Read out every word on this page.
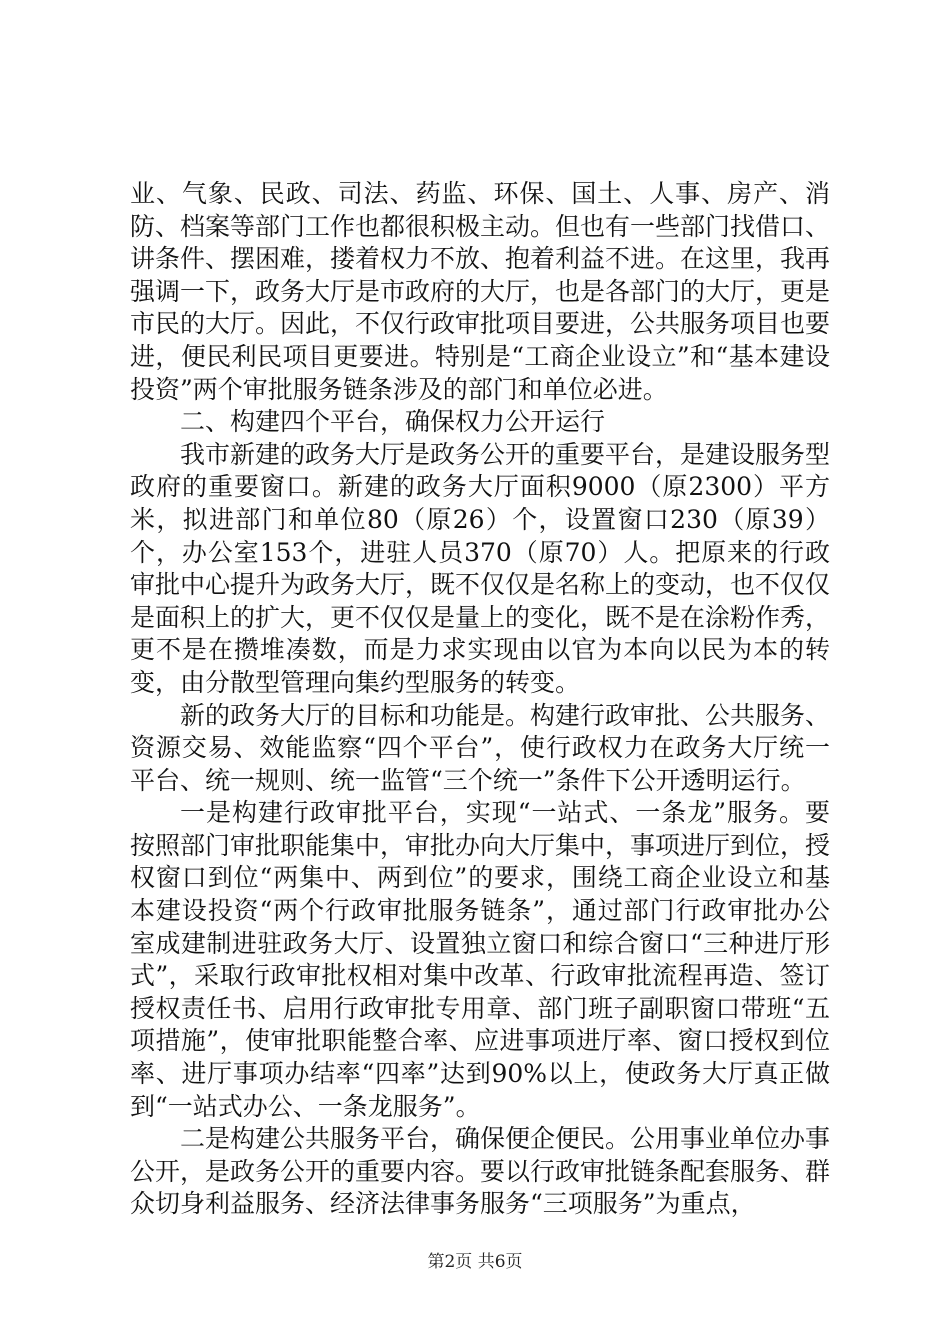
业、气象、民政、司法、药监、环保、国土、人事、房产、消防、档案等部门工作也都很积极主动。但也有一些部门找借口、讲条件、摆困难，搂着权力不放、抱着利益不进。在这里，我再强调一下，政务大厅是市政府的大厅，也是各部门的大厅，更是市民的大厅。因此，不仅行政审批项目要进，公共服务项目也要进，便民利民项目更要进。特别是“工商企业设立”和“基本建设投资”两个审批服务链条涉及的部门和单位必进。

二、构建四个平台，确保权力公开运行

我市新建的政务大厅是政务公开的重要平台，是建设服务型政府的重要窗口。新建的政务大厅面积9000（原2300）平方米，拟进部门和单位80（原26）个，设置窗口230（原39）个，办公室153个，进驻人员370（原70）人。把原来的行政审批中心提升为政务大厅，既不仅仅是名称上的变动，也不仅仅是面积上的扩大，更不仅仅是量上的变化，既不是在涂粉作秀，更不是在攒堆凑数，而是力求实现由以官为本向以民为本的转变，由分散型管理向集约型服务的转变。

新的政务大厅的目标和功能是。构建行政审批、公共服务、资源交易、效能监察“四个平台”，使行政权力在政务大厅统一平台、统一规则、统一监管“三个统一”条件下公开透明运行。

一是构建行政审批平台，实现“一站式、一条龙”服务。要按照部门审批职能集中，审批办向大厅集中，事项进厅到位，授权窗口到位“两集中、两到位”的要求，围绕工商企业设立和基本建设投资“两个行政审批服务链条”，通过部门行政审批办公室成建制进驻政务大厅、设置独立窗口和综合窗口“三种进厅形式”，采取行政审批权相对集中改革、行政审批流程再造、签订授权责任书、启用行政审批专用章、部门班子副职窗口带班“五项措施”，使审批职能整合率、应进事项进厅率、窗口授权到位率、进厅事项办结率“四率”达到90%以上，使政务大厅真正做到“一站式办公、一条龙服务”。

二是构建公共服务平台，确保便企便民。公用事业单位办事公开，是政务公开的重要内容。要以行政审批链条配套服务、群众切身利益服务、经济法律事务服务“三项服务”为重点，

第2页 共6页
